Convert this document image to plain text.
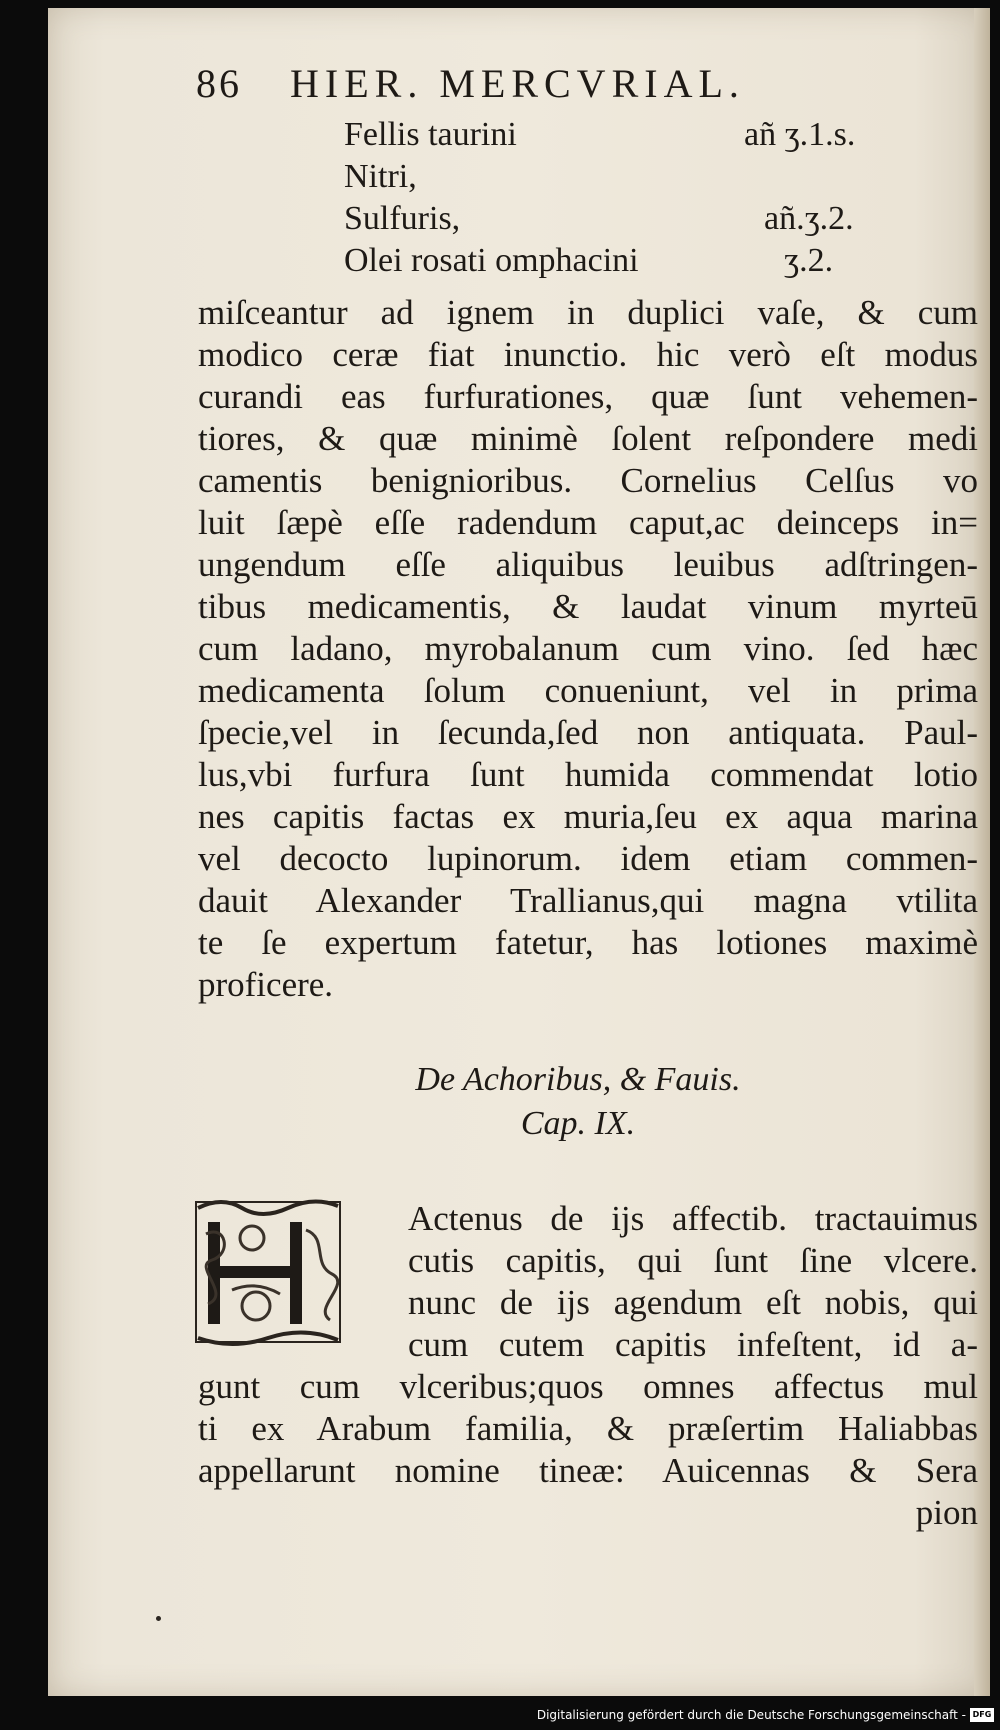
86 HIER. MERCVRIAL.
Fellis taurini	añ ʒ.1.s.
Nitri,
Sulfuris,	añ.ʒ.2.
Olei rosati omphacini	ʒ.2.
miſceantur ad ignem in duplici vaſe, & cum
modico ceræ fiat inunctio. hic verò eſt modus
curandi eas furfurationes, quæ ſunt vehemen-
tiores, & quæ minimè ſolent reſpondere medi
camentis benignioribus. Cornelius Celſus vo
luit ſæpè eſſe radendum caput,ac deinceps in=
ungendum eſſe aliquibus leuibus adſtringen-
tibus medicamentis, & laudat vinum myrteū
cum ladano, myrobalanum cum vino. ſed hæc
medicamenta ſolum conueniunt, vel in prima
ſpecie,vel in ſecunda,ſed non antiquata. Paul-
lus,vbi furfura ſunt humida commendat lotio
nes capitis factas ex muria,ſeu ex aqua marina
vel decocto lupinorum. idem etiam commen-
dauit Alexander Trallianus,qui magna vtilita
te ſe expertum fatetur, has lotiones maximè
proficere.
De Achoribus, & Fauis.
Cap. IX.
Actenus de ijs affectib. tractauimus
cutis capitis, qui ſunt ſine vlcere.
nunc de ijs agendum eſt nobis, qui
cum cutem capitis infeſtent, id a-
gunt cum vlceribus;quos omnes affectus mul
ti ex Arabum familia, & præſertim Haliabbas
appellarunt nomine tineæ: Auicennas & Sera
pion
Digitalisierung gefördert durch die Deutsche Forschungsgemeinschaft - DFG
